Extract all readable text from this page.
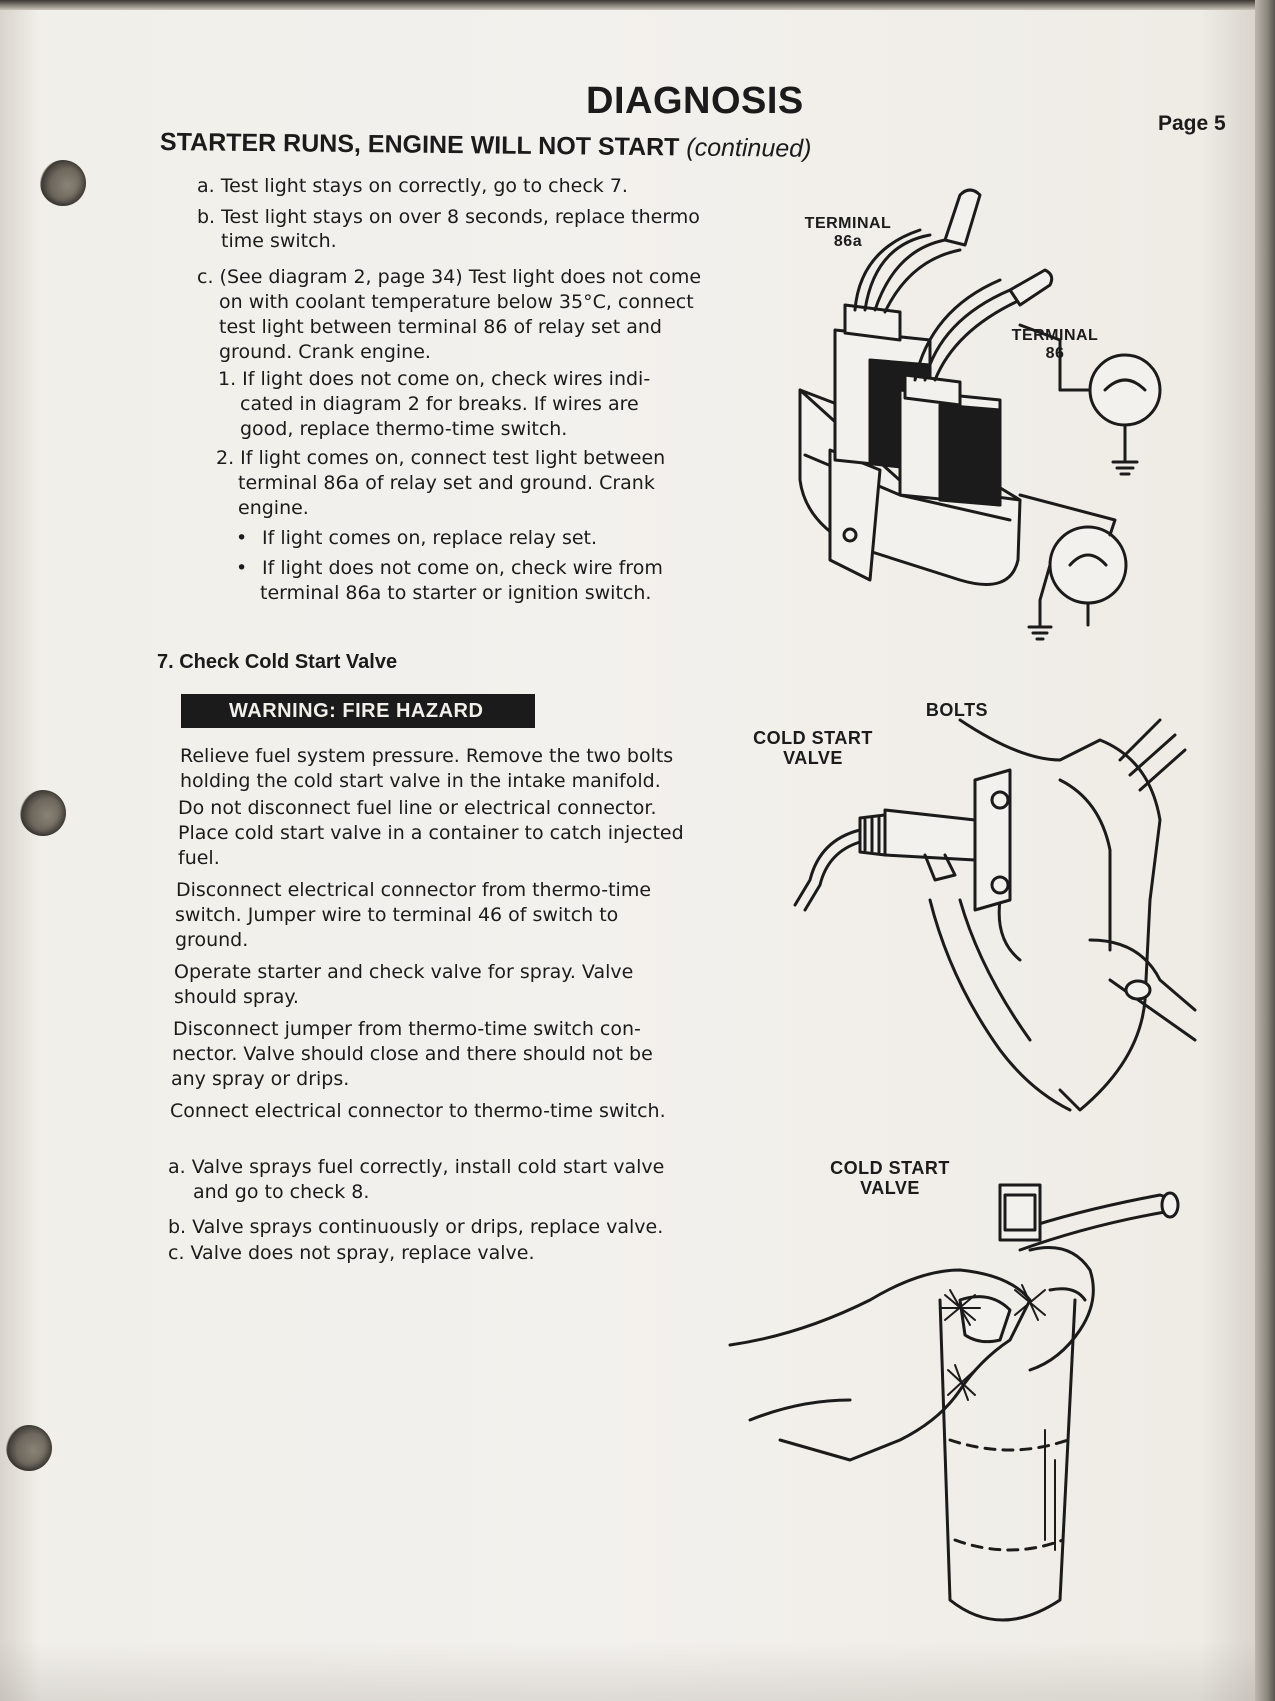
DIAGNOSIS
Page 5
STARTER RUNS, ENGINE WILL NOT START (continued)
a. Test light stays on correctly, go to check 7.
b. Test light stays on over 8 seconds, replace thermo
time switch.
c. (See diagram 2, page 34) Test light does not come
on with coolant temperature below 35°C, connect
test light between terminal 86 of relay set and
ground. Crank engine.
1. If light does not come on, check wires indi-
cated in diagram 2 for breaks. If wires are
good, replace thermo-time switch.
2. If light comes on, connect test light between
terminal 86a of relay set and ground. Crank
engine.
• If light comes on, replace relay set.
• If light does not come on, check wire from
terminal 86a to starter or ignition switch.
7. Check Cold Start Valve
WARNING: FIRE HAZARD
Relieve fuel system pressure. Remove the two bolts
holding the cold start valve in the intake manifold.
Do not disconnect fuel line or electrical connector.
Place cold start valve in a container to catch injected
fuel.
Disconnect electrical connector from thermo-time
switch. Jumper wire to terminal 46 of switch to
ground.
Operate starter and check valve for spray. Valve
should spray.
Disconnect jumper from thermo-time switch con-
nector. Valve should close and there should not be
any spray or drips.
Connect electrical connector to thermo-time switch.
a. Valve sprays fuel correctly, install cold start valve
and go to check 8.
b. Valve sprays continuously or drips, replace valve.
c. Valve does not spray, replace valve.
TERMINAL
86a
TERMINAL
86
BOLTS
COLD START
VALVE
COLD START
VALVE
